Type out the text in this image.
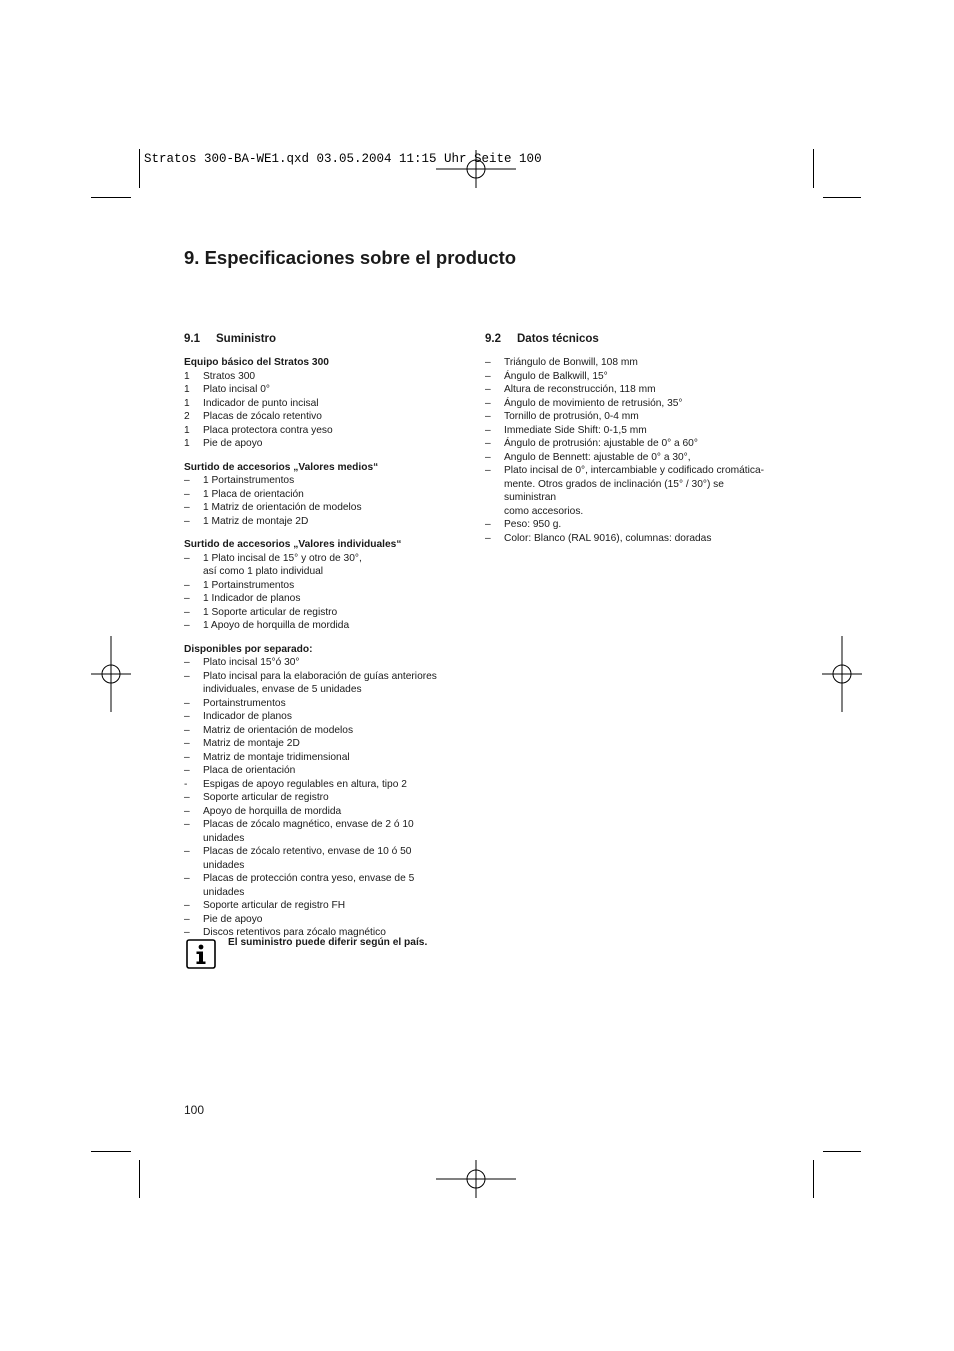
Stratos 300-BA-WE1.qxd 03.05.2004 11:15 Uhr Seite 100
9. Especificaciones sobre el producto
9.1 Suministro
Equipo básico del Stratos 300
1	Stratos 300
1	Plato incisal 0°
1	Indicador de punto incisal
2	Placas de zócalo retentivo
1	Placa protectora contra yeso
1	Pie de apoyo
Surtido de accesorios „Valores medios“
–	1 Portainstrumentos
–	1 Placa de orientación
–	1 Matriz de orientación de modelos
–	1 Matriz de montaje 2D
Surtido de accesorios „Valores individuales“
–	1 Plato incisal de 15° y otro de 30°,
así como 1 plato individual
–	1 Portainstrumentos
–	1 Indicador de planos
–	1 Soporte articular de registro
–	1 Apoyo de horquilla de mordida
Disponibles por separado:
–	Plato incisal 15°ó 30°
–	Plato incisal para la elaboración de guías anteriores
individuales, envase de 5 unidades
–	Portainstrumentos
–	Indicador de planos
–	Matriz de orientación de modelos
–	Matriz de montaje 2D
–	Matriz de montaje tridimensional
–	Placa de orientación
-	Espigas de apoyo regulables en altura, tipo 2
–	Soporte articular de registro
–	Apoyo de horquilla de mordida
–	Placas de zócalo magnético, envase de 2 ó 10 unidades
–	Placas de zócalo retentivo, envase de 10 ó 50 unidades
–	Placas de protección contra yeso, envase de 5 unidades
–	Soporte articular de registro FH
–	Pie de apoyo
–	Discos retentivos para zócalo magnético
9.2 Datos técnicos
–	Triángulo de Bonwill, 108 mm
–	Ángulo de Balkwill, 15°
–	Altura de reconstrucción, 118 mm
–	Ángulo de movimiento de retrusión, 35°
–	Tornillo de protrusión, 0-4 mm
–	Immediate Side Shift: 0-1,5 mm
–	Ángulo de protrusión: ajustable de 0° a 60°
–	Angulo de Bennett: ajustable de 0° a 30°,
–	Plato incisal de 0°, intercambiable y codificado cromática-
mente. Otros grados de inclinación (15° / 30°) se suministran
como accesorios.
–	Peso: 950 g.
–	Color: Blanco (RAL 9016), columnas: doradas
El suministro puede diferir según el país.
100
